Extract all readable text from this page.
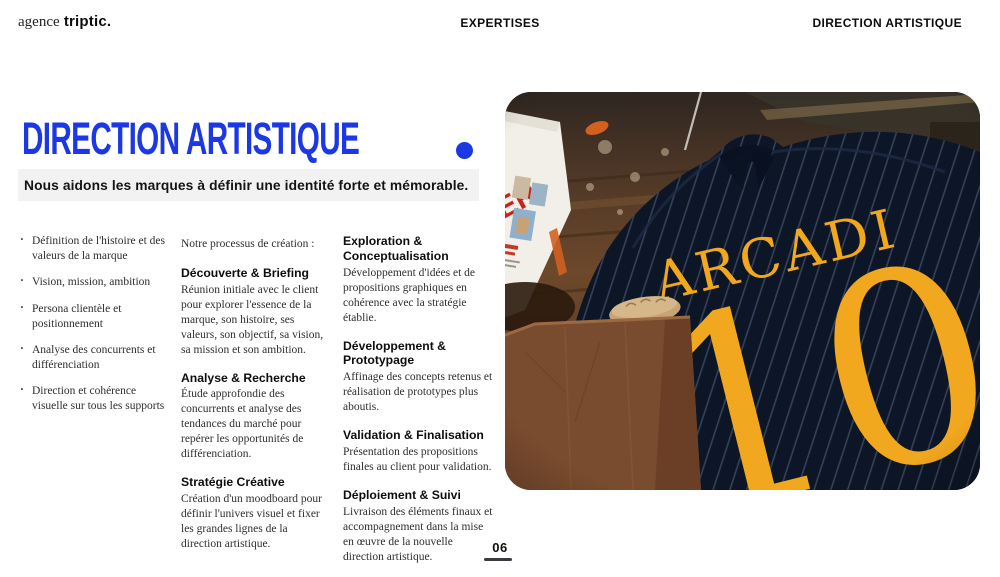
agence triptic.	EXPERTISES	DIRECTION ARTISTIQUE
DIRECTION ARTISTIQUE
Nous aidons les marques à définir une identité forte et mémorable.
· Définition de l'histoire et des valeurs de la marque
· Vision, mission, ambition
· Persona clientèle et positionnement
· Analyse des concurrents et différenciation
· Direction et cohérence visuelle sur tous les supports

Notre processus de création :

Découverte & Briefing

Réunion initiale avec le client pour explorer l'essence de la marque, son histoire, ses valeurs, son objectif, sa vision, sa mission et son ambition.

Analyse & Recherche

Étude approfondie des concurrents et analyse des tendances du marché pour repérer les opportunités de différenciation.

Stratégie Créative

Création d'un moodboard pour définir l'univers visuel et fixer les grandes lignes de la direction artistique.

Exploration & Conceptualisation

Développement d'idées et de propositions graphiques en cohérence avec la stratégie établie.

Développement & Prototypage

Affinage des concepts retenus et réalisation de prototypes plus aboutis.

Validation & Finalisation

Présentation des propositions finales au client pour validation.

Déploiement & Suivi

Livraison des éléments finaux et accompagnement dans la mise en œuvre de la nouvelle direction artistique.

06
